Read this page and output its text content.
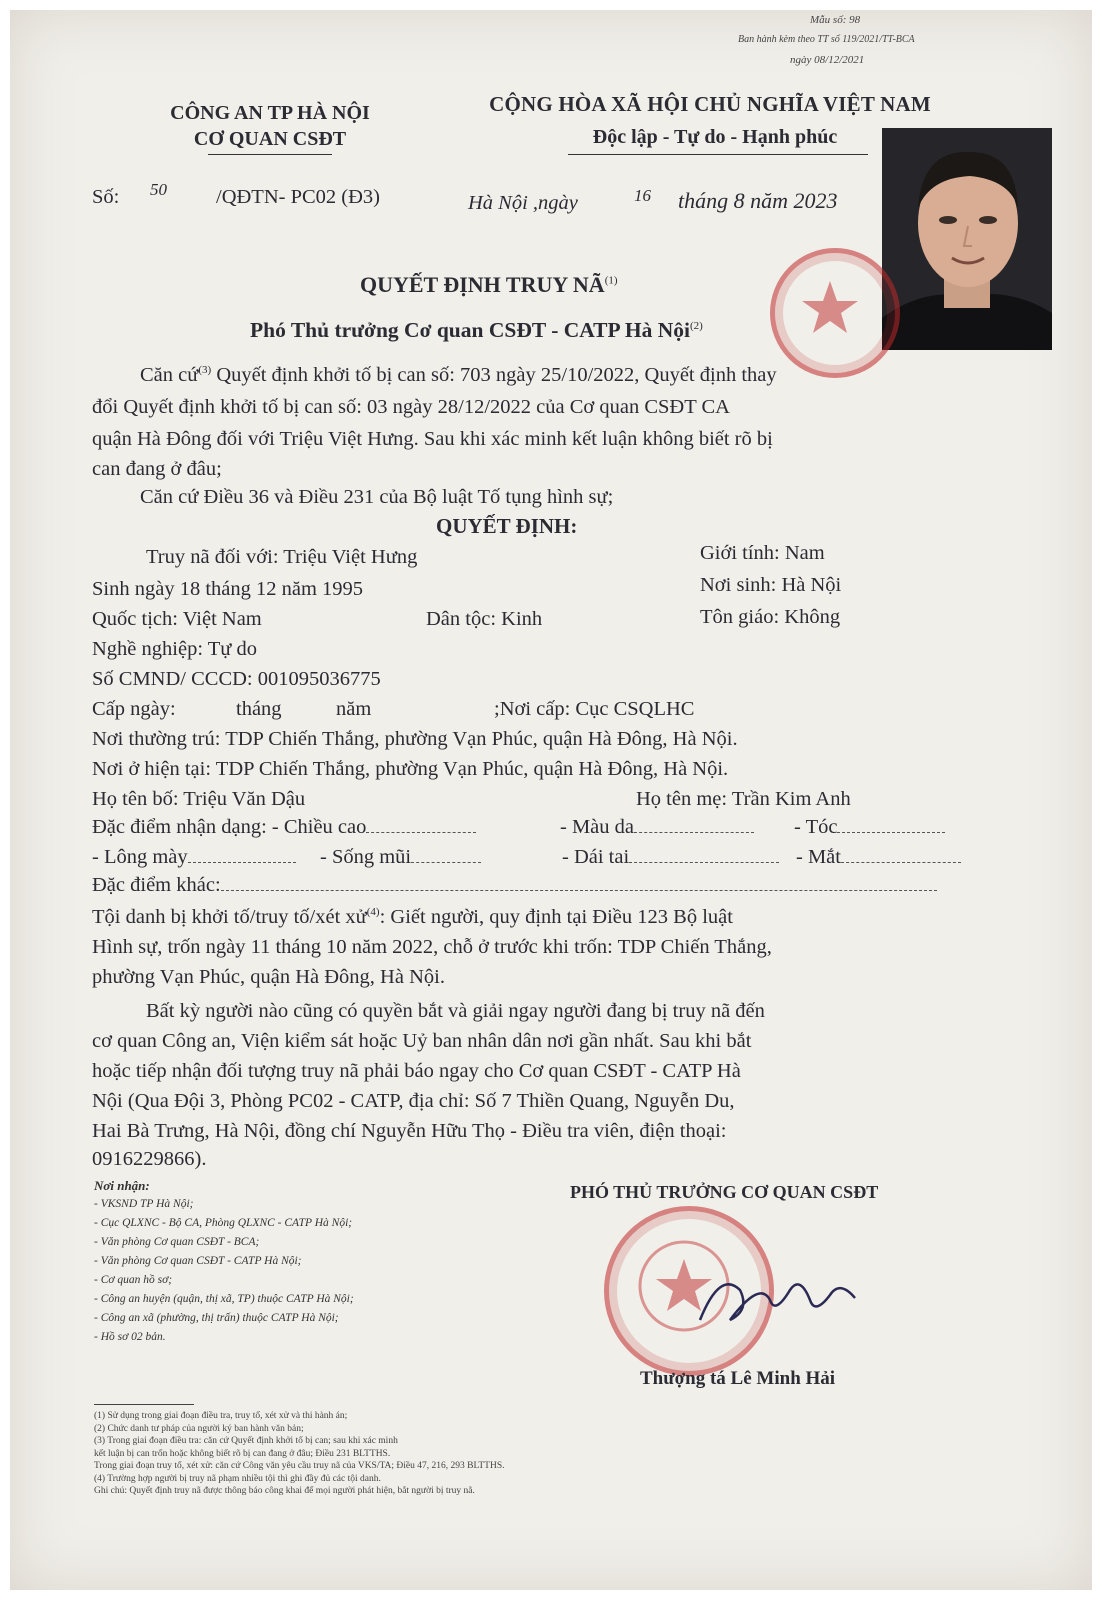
Mẫu số: 98
Ban hành kèm theo TT số 119/2021/TT-BCA
ngày 08/12/2021
CÔNG AN TP HÀ NỘI
CƠ QUAN CSĐT
CỘNG HÒA XÃ HỘI CHỦ NGHĨA VIỆT NAM
Độc lập - Tự do - Hạnh phúc
Số: 50 /QĐTN- PC02 (Đ3)	Hà Nội ,ngày	16 tháng 8 năm 2023
QUYẾT ĐỊNH TRUY NÃ$^{(1)}$
Phó Thủ trưởng Cơ quan CSĐT - CATP Hà Nội$^{(2)}$
Căn cứ$^{(3)}$ Quyết định khởi tố bị can số: 703 ngày 25/10/2022, Quyết định thay
đổi Quyết định khởi tố bị can số: 03 ngày 28/12/2022 của Cơ quan CSĐT CA
quận Hà Đông đối với Triệu Việt Hưng. Sau khi xác minh kết luận không biết rõ bị
can đang ở đâu;
Căn cứ Điều 36 và Điều 231 của Bộ luật Tố tụng hình sự;
QUYẾT ĐỊNH:
Truy nã đối với: Triệu Việt Hưng	Giới tính: Nam
Sinh ngày 18 tháng 12 năm 1995	Nơi sinh: Hà Nội
Quốc tịch: Việt Nam	Dân tộc: Kinh	Tôn giáo: Không
Nghề nghiệp: Tự do
Số CMND/ CCCD: 001095036775
Cấp ngày:	tháng	năm	;Nơi cấp: Cục CSQLHC
Nơi thường trú: TDP Chiến Thắng, phường Vạn Phúc, quận Hà Đông, Hà Nội.
Nơi ở hiện tại: TDP Chiến Thắng, phường Vạn Phúc, quận Hà Đông, Hà Nội.
Họ tên bố: Triệu Văn Dậu	Họ tên mẹ: Trần Kim Anh
Đặc điểm nhận dạng: - Chiều cao	- Màu da	- Tóc
- Lông mày	- Sống mũi	- Dái tai	- Mắt
Đặc điểm khác:
Tội danh bị khởi tố/truy tố/xét xử$^{(4)}$: Giết người, quy định tại Điều 123 Bộ luật
Hình sự, trốn ngày 11 tháng 10 năm 2022, chỗ ở trước khi trốn: TDP Chiến Thắng,
phường Vạn Phúc, quận Hà Đông, Hà Nội.
Bất kỳ người nào cũng có quyền bắt và giải ngay người đang bị truy nã đến
cơ quan Công an, Viện kiểm sát hoặc Uỷ ban nhân dân nơi gần nhất. Sau khi bắt
hoặc tiếp nhận đối tượng truy nã phải báo ngay cho Cơ quan CSĐT - CATP Hà
Nội (Qua Đội 3, Phòng PC02 - CATP, địa chỉ: Số 7 Thiền Quang, Nguyễn Du,
Hai Bà Trưng, Hà Nội, đồng chí Nguyễn Hữu Thọ - Điều tra viên, điện thoại:
0916229866).
Nơi nhận:
- VKSND TP Hà Nội;
- Cục QLXNC - Bộ CA, Phòng QLXNC - CATP Hà Nội;
- Văn phòng Cơ quan CSĐT - BCA;
- Văn phòng Cơ quan CSĐT - CATP Hà Nội;
- Cơ quan hồ sơ;
- Công an huyện (quận, thị xã, TP) thuộc CATP Hà Nội;
- Công an xã (phường, thị trấn) thuộc CATP Hà Nội;
- Hồ sơ 02 bản.
PHÓ THỦ TRƯỞNG CƠ QUAN CSĐT
Thượng tá Lê Minh Hải
(1) Sử dụng trong giai đoạn điều tra, truy tố, xét xử và thi hành án;
(2) Chức danh tư pháp của người ký ban hành văn bản;
(3) Trong giai đoạn điều tra: căn cứ Quyết định khởi tố bị can; sau khi xác minh
kết luận bị can trốn hoặc không biết rõ bị can đang ở đâu; Điều 231 BLTTHS.
Trong giai đoạn truy tố, xét xử: căn cứ Công văn yêu cầu truy nã của VKS/TA; Điều 47, 216, 293 BLTTHS.
(4) Trường hợp người bị truy nã phạm nhiều tội thì ghi đầy đủ các tội danh.
Ghi chú: Quyết định truy nã được thông báo công khai để mọi người phát hiện, bắt người bị truy nã.
